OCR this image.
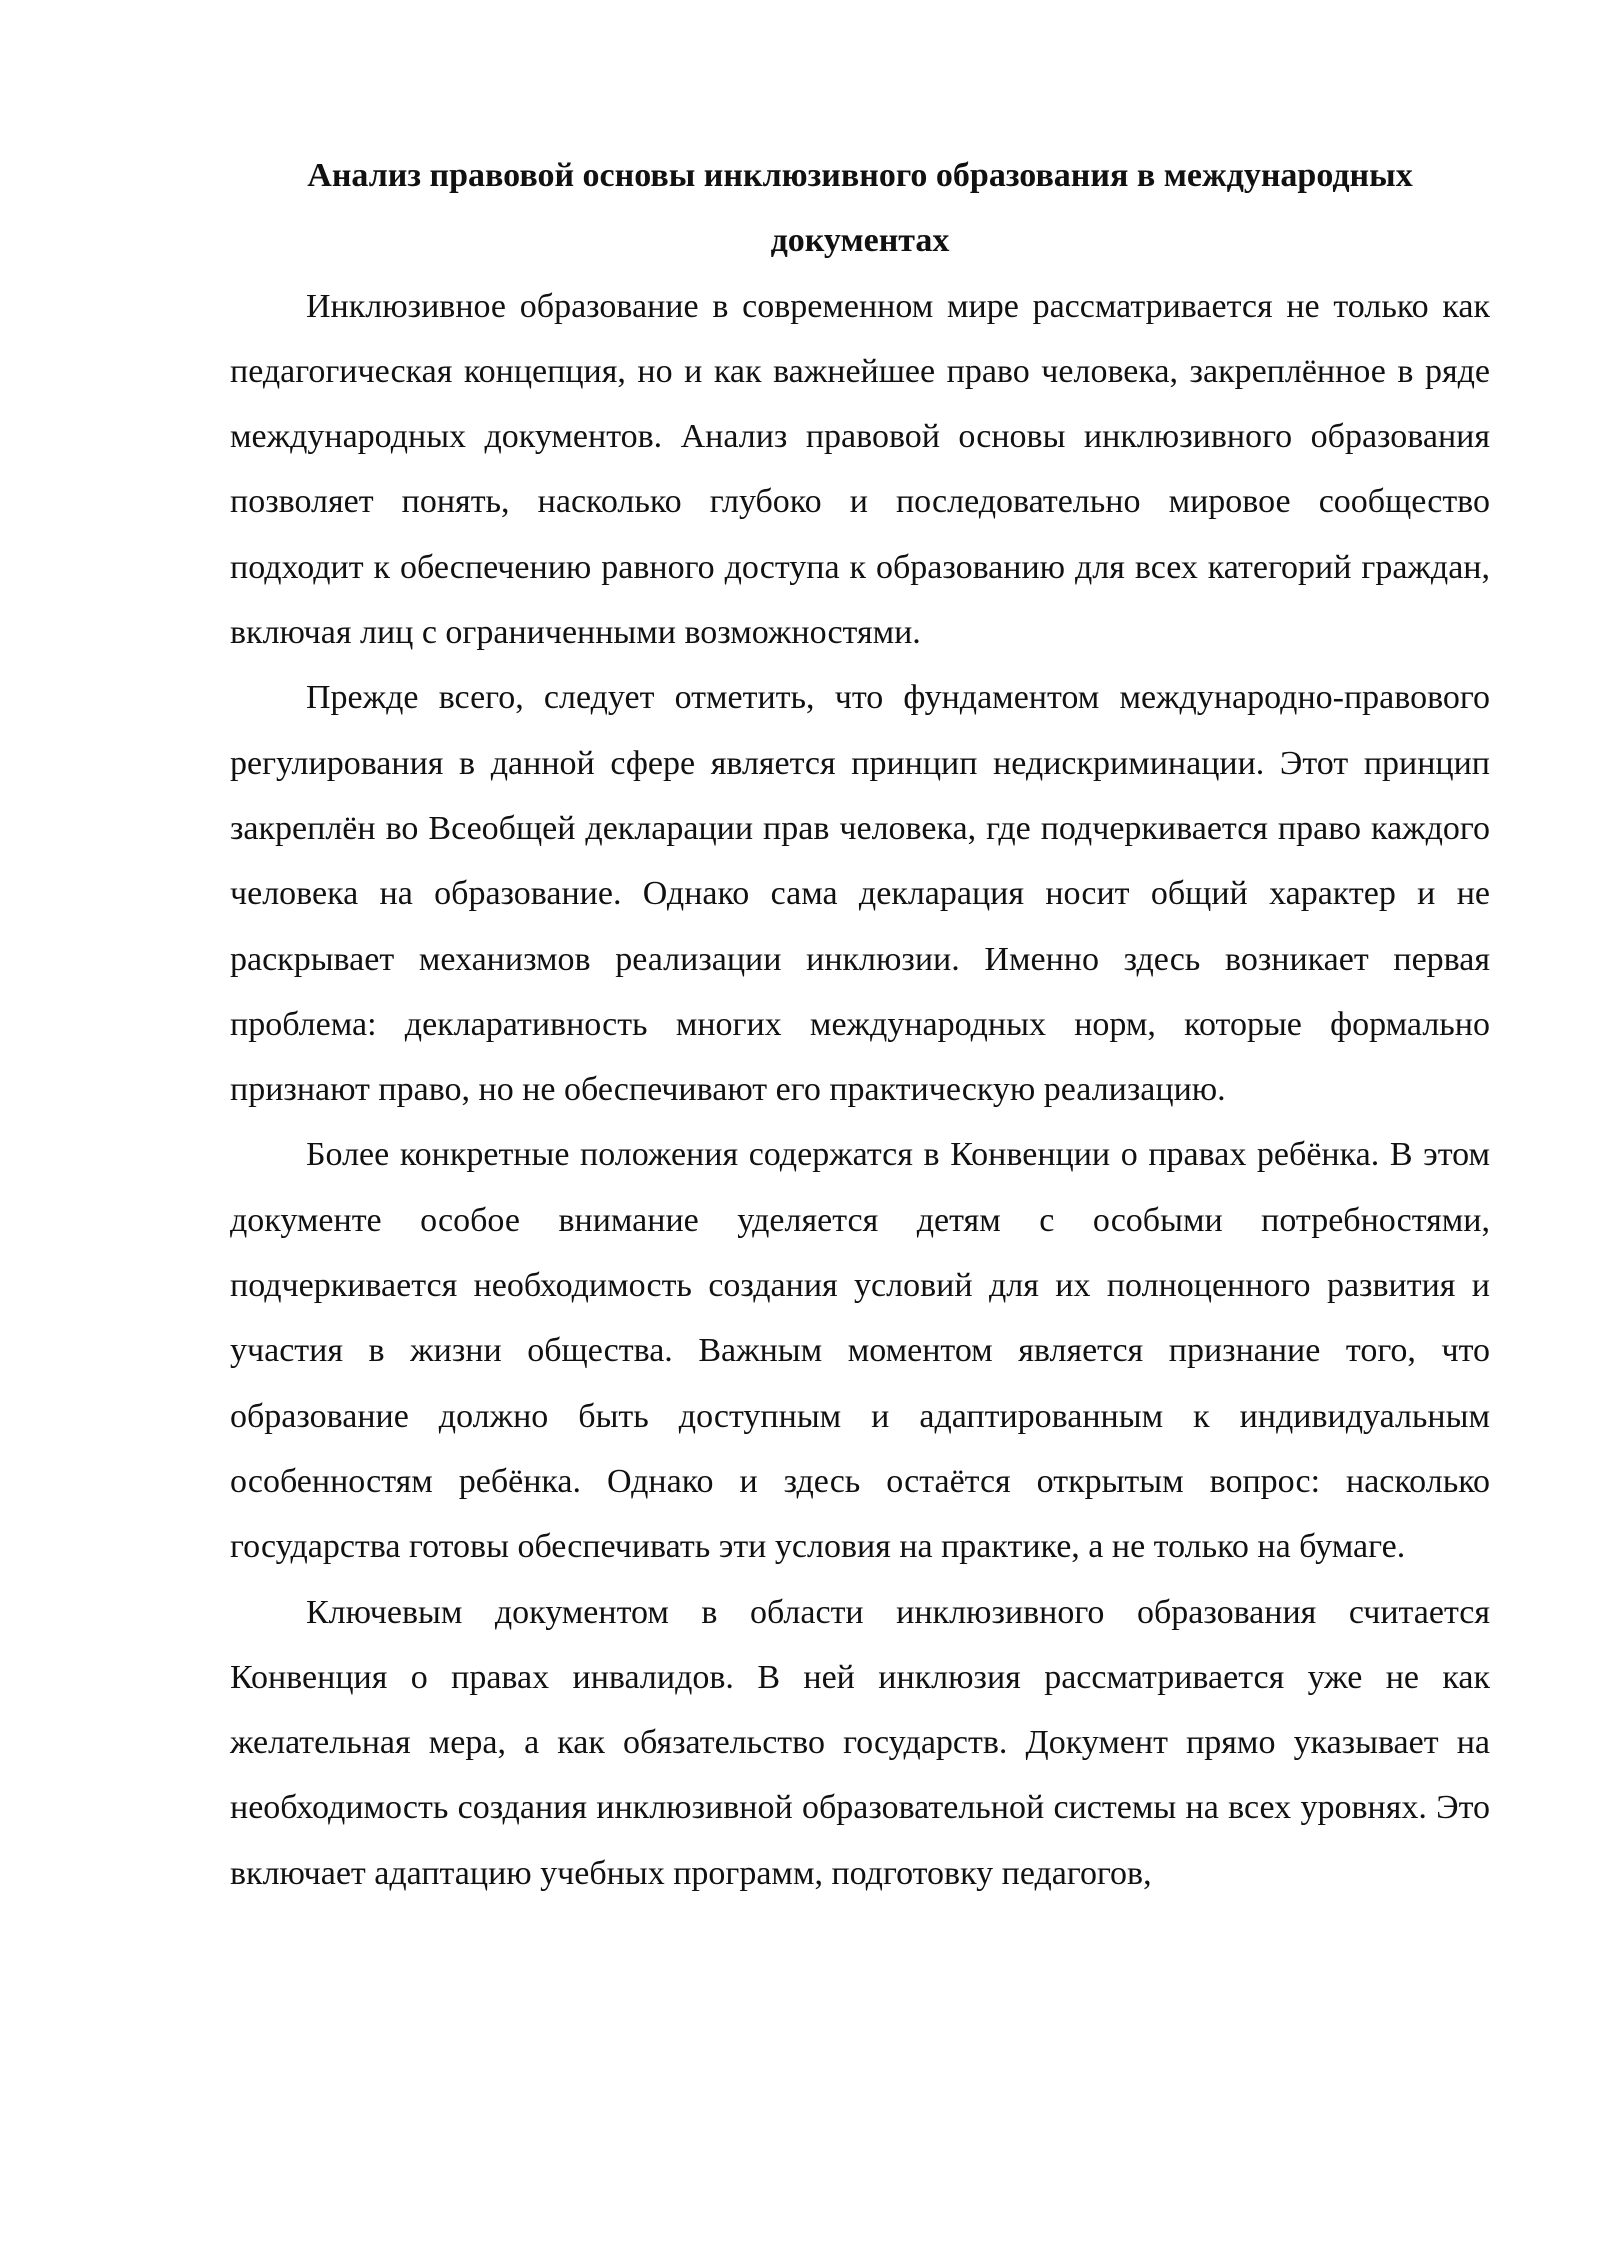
Анализ правовой основы инклюзивного образования в международных документах

Инклюзивное образование в современном мире рассматривается не только как педагогическая концепция, но и как важнейшее право человека, закреплённое в ряде международных документов. Анализ правовой основы инклюзивного образования позволяет понять, насколько глубоко и последовательно мировое сообщество подходит к обеспечению равного доступа к образованию для всех категорий граждан, включая лиц с ограниченными возможностями.

Прежде всего, следует отметить, что фундаментом международно-правового регулирования в данной сфере является принцип недискриминации. Этот принцип закреплён во Всеобщей декларации прав человека, где подчеркивается право каждого человека на образование. Однако сама декларация носит общий характер и не раскрывает механизмов реализации инклюзии. Именно здесь возникает первая проблема: декларативность многих международных норм, которые формально признают право, но не обеспечивают его практическую реализацию.

Более конкретные положения содержатся в Конвенции о правах ребёнка. В этом документе особое внимание уделяется детям с особыми потребностями, подчеркивается необходимость создания условий для их полноценного развития и участия в жизни общества. Важным моментом является признание того, что образование должно быть доступным и адаптированным к индивидуальным особенностям ребёнка. Однако и здесь остаётся открытым вопрос: насколько государства готовы обеспечивать эти условия на практике, а не только на бумаге.

Ключевым документом в области инклюзивного образования считается Конвенция о правах инвалидов. В ней инклюзия рассматривается уже не как желательная мера, а как обязательство государств. Документ прямо указывает на необходимость создания инклюзивной образовательной системы на всех уровнях. Это включает адаптацию учебных программ, подготовку педагогов,
